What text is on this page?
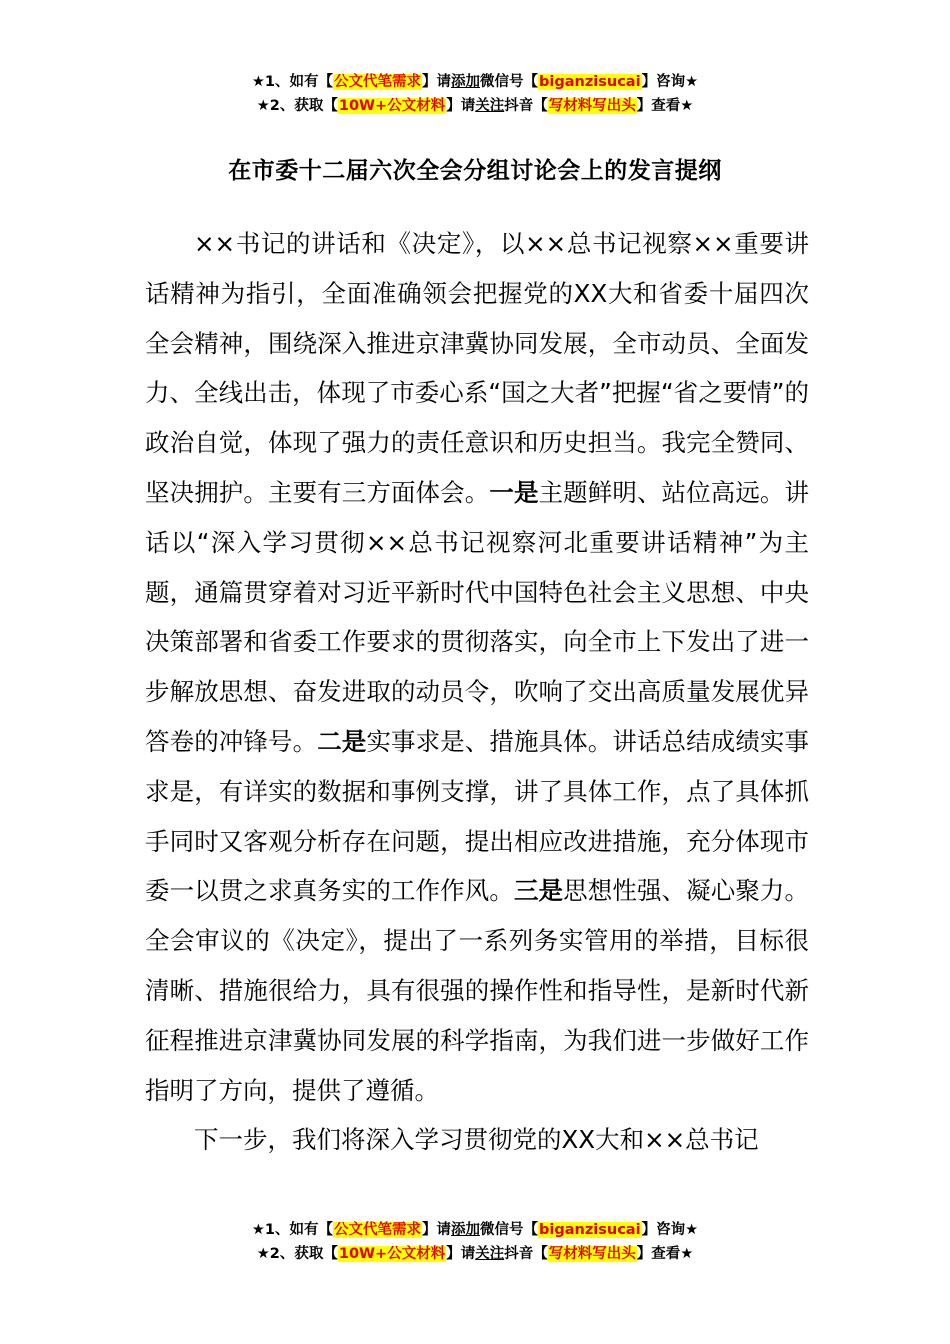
★1、如有【公文代笔需求】请添加微信号【biganzisucai】咨询★
★2、获取【10W+公文材料】请关注抖音【写材料写出头】查看★
在市委十二届六次全会分组讨论会上的发言提纲

××书记的讲话和《决定》，以××总书记视察××重要讲话精神为指引，全面准确领会把握党的XX大和省委十届四次全会精神，围绕深入推进京津冀协同发展，全市动员、全面发力、全线出击，体现了市委心系“国之大者”把握“省之要情”的政治自觉，体现了强力的责任意识和历史担当。我完全赞同、坚决拥护。主要有三方面体会。一是主题鲜明、站位高远。讲话以“深入学习贯彻××总书记视察河北重要讲话精神”为主题，通篇贯穿着对习近平新时代中国特色社会主义思想、中央决策部署和省委工作要求的贯彻落实，向全市上下发出了进一步解放思想、奋发进取的动员令，吹响了交出高质量发展优异答卷的冲锋号。二是实事求是、措施具体。讲话总结成绩实事求是，有详实的数据和事例支撑，讲了具体工作，点了具体抓手同时又客观分析存在问题，提出相应改进措施，充分体现市委一以贯之求真务实的工作作风。三是思想性强、凝心聚力。全会审议的《决定》，提出了一系列务实管用的举措，目标很清晰、措施很给力，具有很强的操作性和指导性，是新时代新征程推进京津冀协同发展的科学指南，为我们进一步做好工作指明了方向，提供了遵循。

下一步，我们将深入学习贯彻党的XX大和××总书记

★1、如有【公文代笔需求】请添加微信号【biganzisucai】咨询★
★2、获取【10W+公文材料】请关注抖音【写材料写出头】查看★
